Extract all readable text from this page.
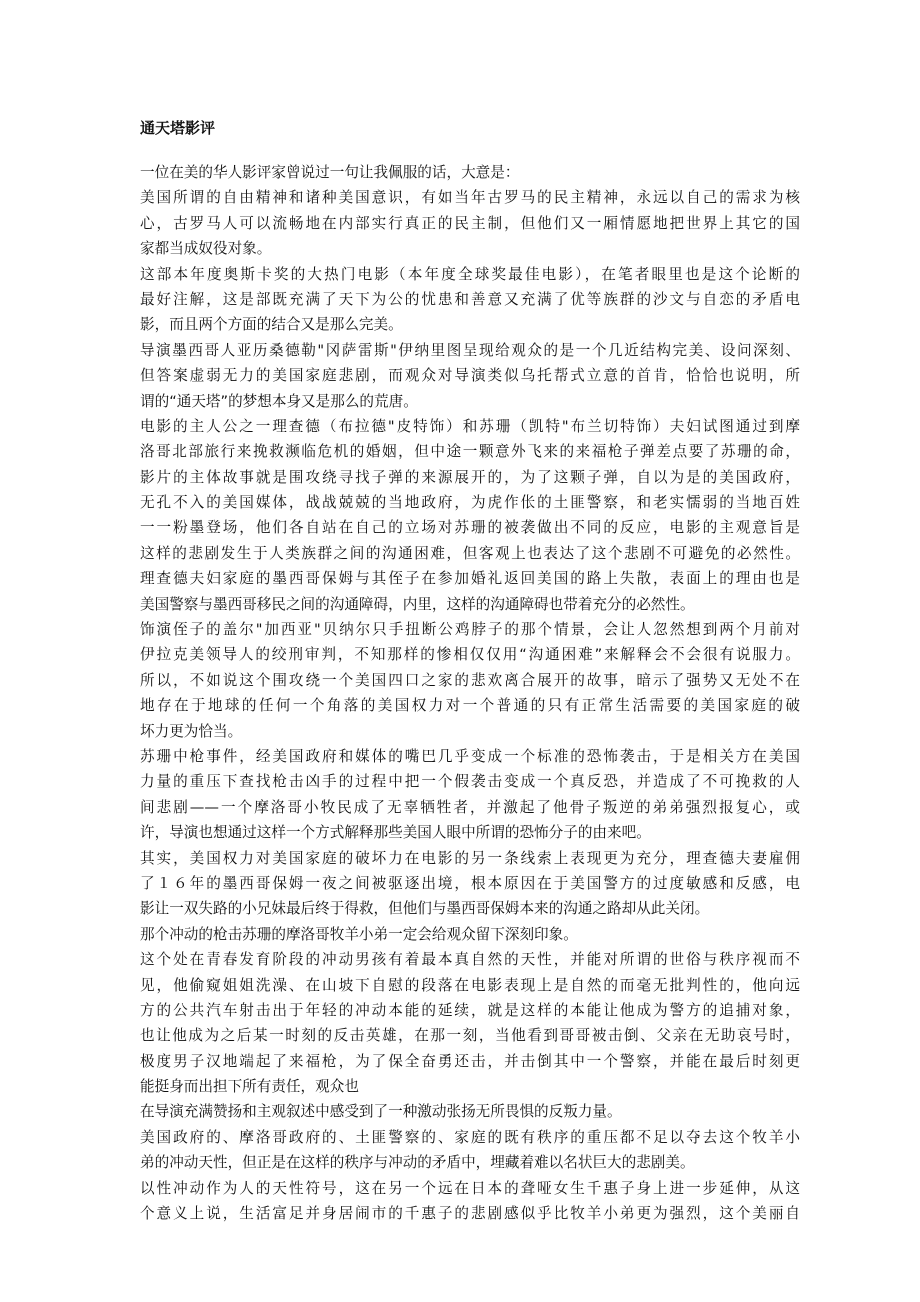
通天塔影评
一位在美的华人影评家曾说过一句让我佩服的话，大意是：
美国所谓的自由精神和诸种美国意识，有如当年古罗马的民主精神，永远以自己的需求为核
心，古罗马人可以流畅地在内部实行真正的民主制，但他们又一厢情愿地把世界上其它的国
家都当成奴役对象。
这部本年度奥斯卡奖的大热门电影（本年度全球奖最佳电影），在笔者眼里也是这个论断的
最好注解，这是部既充满了天下为公的忧患和善意又充满了优等族群的沙文与自恋的矛盾电
影，而且两个方面的结合又是那么完美。
导演墨西哥人亚历桑德勒"冈萨雷斯"伊纳里图呈现给观众的是一个几近结构完美、设问深刻、
但答案虚弱无力的美国家庭悲剧，而观众对导演类似乌托帮式立意的首肯，恰恰也说明，所
谓的“通天塔”的梦想本身又是那么的荒唐。
电影的主人公之一理查德（布拉德"皮特饰）和苏珊（凯特"布兰切特饰）夫妇试图通过到摩
洛哥北部旅行来挽救濒临危机的婚姻，但中途一颗意外飞来的来福枪子弹差点要了苏珊的命，
影片的主体故事就是围攻绕寻找子弹的来源展开的，为了这颗子弹，自以为是的美国政府，
无孔不入的美国媒体，战战兢兢的当地政府，为虎作伥的土匪警察，和老实懦弱的当地百姓
一一粉墨登场，他们各自站在自己的立场对苏珊的被袭做出不同的反应，电影的主观意旨是
这样的悲剧发生于人类族群之间的沟通困难，但客观上也表达了这个悲剧不可避免的必然性。
理查德夫妇家庭的墨西哥保姆与其侄子在参加婚礼返回美国的路上失散，表面上的理由也是
美国警察与墨西哥移民之间的沟通障碍，内里，这样的沟通障碍也带着充分的必然性。
饰演侄子的盖尔"加西亚"贝纳尔只手扭断公鸡脖子的那个情景，会让人忽然想到两个月前对
伊拉克美领导人的绞刑审判，不知那样的惨相仅仅用“沟通困难”来解释会不会很有说服力。
所以，不如说这个围攻绕一个美国四口之家的悲欢离合展开的故事，暗示了强势又无处不在
地存在于地球的任何一个角落的美国权力对一个普通的只有正常生活需要的美国家庭的破
坏力更为恰当。
苏珊中枪事件，经美国政府和媒体的嘴巴几乎变成一个标准的恐怖袭击，于是相关方在美国
力量的重压下查找枪击凶手的过程中把一个假袭击变成一个真反恐，并造成了不可挽救的人
间悲剧——一个摩洛哥小牧民成了无辜牺牲者，并激起了他骨子叛逆的弟弟强烈报复心，或
许，导演也想通过这样一个方式解释那些美国人眼中所谓的恐怖分子的由来吧。
其实，美国权力对美国家庭的破坏力在电影的另一条线索上表现更为充分，理查德夫妻雇佣
了１６年的墨西哥保姆一夜之间被驱逐出境，根本原因在于美国警方的过度敏感和反感，电
影让一双失路的小兄妹最后终于得救，但他们与墨西哥保姆本来的沟通之路却从此关闭。
那个冲动的枪击苏珊的摩洛哥牧羊小弟一定会给观众留下深刻印象。
这个处在青春发育阶段的冲动男孩有着最本真自然的天性，并能对所谓的世俗与秩序视而不
见，他偷窥姐姐洗澡、在山坡下自慰的段落在电影表现上是自然的而毫无批判性的，他向远
方的公共汽车射击出于年轻的冲动本能的延续，就是这样的本能让他成为警方的追捕对象，
也让他成为之后某一时刻的反击英雄，在那一刻，当他看到哥哥被击倒、父亲在无助哀号时，
极度男子汉地端起了来福枪，为了保全奋勇还击，并击倒其中一个警察，并能在最后时刻更
能挺身而出担下所有责任，观众也
在导演充满赞扬和主观叙述中感受到了一种激动张扬无所畏惧的反叛力量。
美国政府的、摩洛哥政府的、土匪警察的、家庭的既有秩序的重压都不足以夺去这个牧羊小
弟的冲动天性，但正是在这样的秩序与冲动的矛盾中，埋藏着难以名状巨大的悲剧美。
以性冲动作为人的天性符号，这在另一个远在日本的聋哑女生千惠子身上进一步延伸，从这
个意义上说，生活富足并身居闹市的千惠子的悲剧感似乎比牧羊小弟更为强烈，这个美丽自
